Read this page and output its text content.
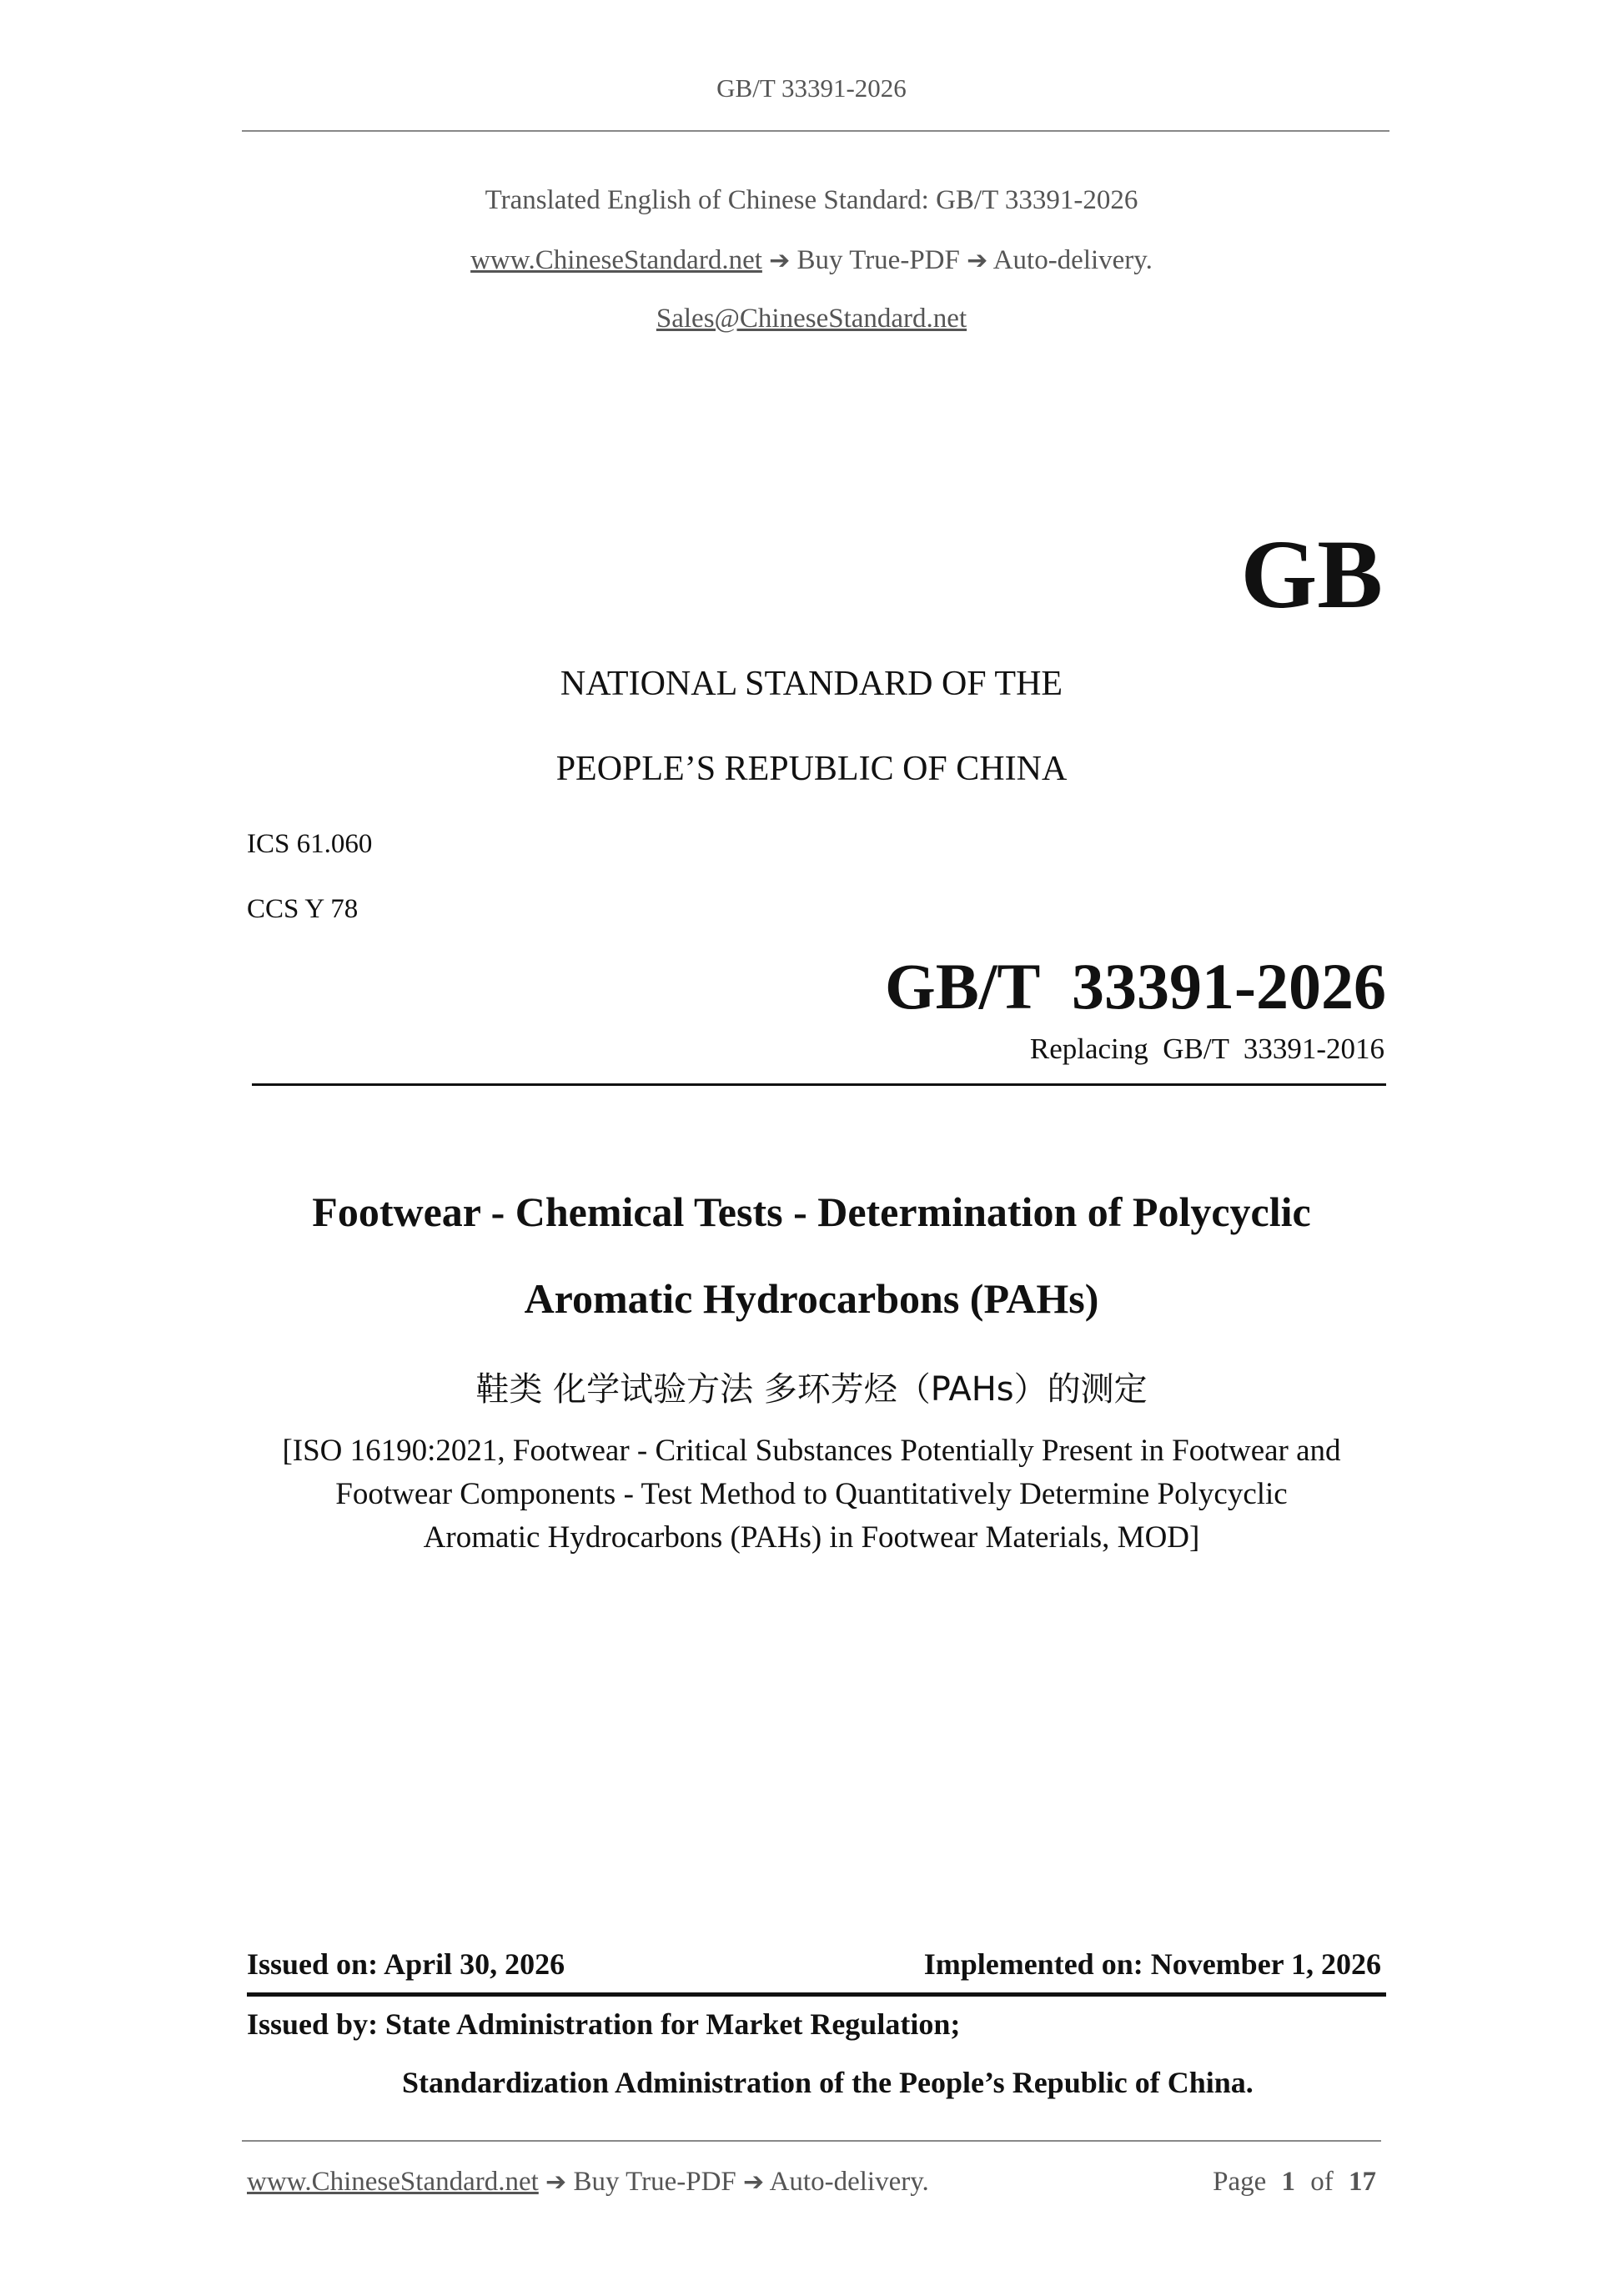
GB/T 33391-2026
Translated English of Chinese Standard: GB/T 33391-2026
www.ChineseStandard.net ➔ Buy True-PDF ➔ Auto-delivery.
Sales@ChineseStandard.net
GB
NATIONAL STANDARD OF THE
PEOPLE’S REPUBLIC OF CHINA
ICS 61.060
CCS Y 78
GB/T  33391-2026
Replacing  GB/T  33391-2016
Footwear - Chemical Tests - Determination of Polycyclic
Aromatic Hydrocarbons (PAHs)
鞋类 化学试验方法 多环芳烃（PAHs）的测定
[ISO 16190:2021, Footwear - Critical Substances Potentially Present in Footwear and
Footwear Components - Test Method to Quantitatively Determine Polycyclic
Aromatic Hydrocarbons (PAHs) in Footwear Materials, MOD]
Issued on: April 30, 2026	Implemented on: November 1, 2026
Issued by: State Administration for Market Regulation;
Standardization Administration of the People’s Republic of China.
www.ChineseStandard.net ➔ Buy True-PDF ➔ Auto-delivery.	Page 1 of 17
